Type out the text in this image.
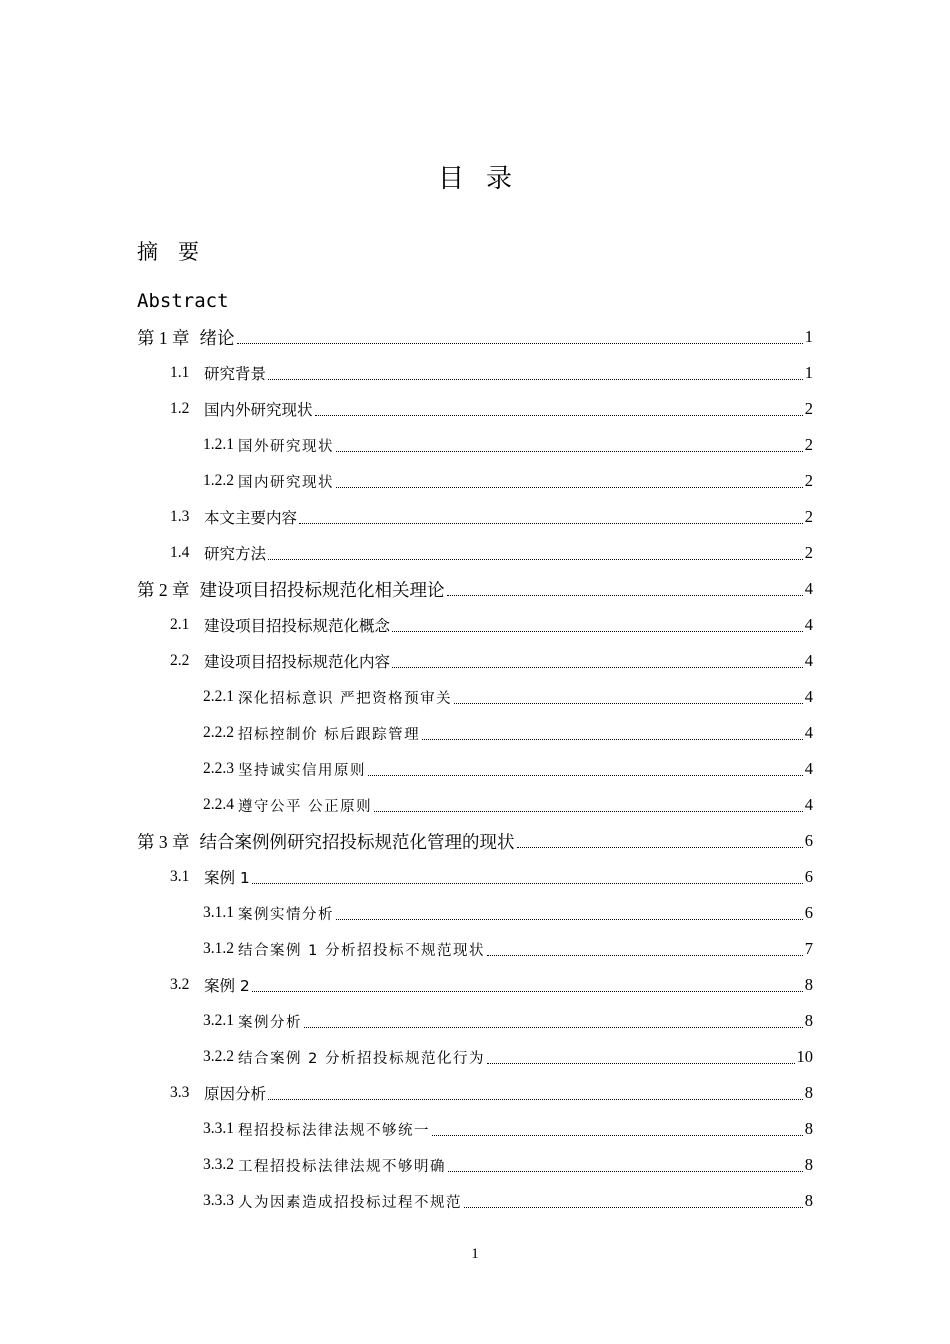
目录
摘要
Abstract
第 1 章 绪论	1
1.1 研究背景	1
1.2 国内外研究现状	2
1.2.1 国外研究现状	2
1.2.2 国内研究现状	2
1.3 本文主要内容	2
1.4 研究方法	2
第 2 章 建设项目招投标规范化相关理论	4
2.1 建设项目招投标规范化概念	4
2.2 建设项目招投标规范化内容	4
2.2.1 深化招标意识 严把资格预审关	4
2.2.2 招标控制价 标后跟踪管理	4
2.2.3 坚持诚实信用原则	4
2.2.4 遵守公平 公正原则	4
第 3 章 结合案例例研究招投标规范化管理的现状	6
3.1 案例 1	6
3.1.1 案例实情分析	6
3.1.2 结合案例 1 分析招投标不规范现状	7
3.2 案例 2	8
3.2.1 案例分析	8
3.2.2 结合案例 2 分析招投标规范化行为	10
3.3 原因分析	8
3.3.1 程招投标法律法规不够统一	8
3.3.2 工程招投标法律法规不够明确	8
3.3.3 人为因素造成招投标过程不规范	8
1
